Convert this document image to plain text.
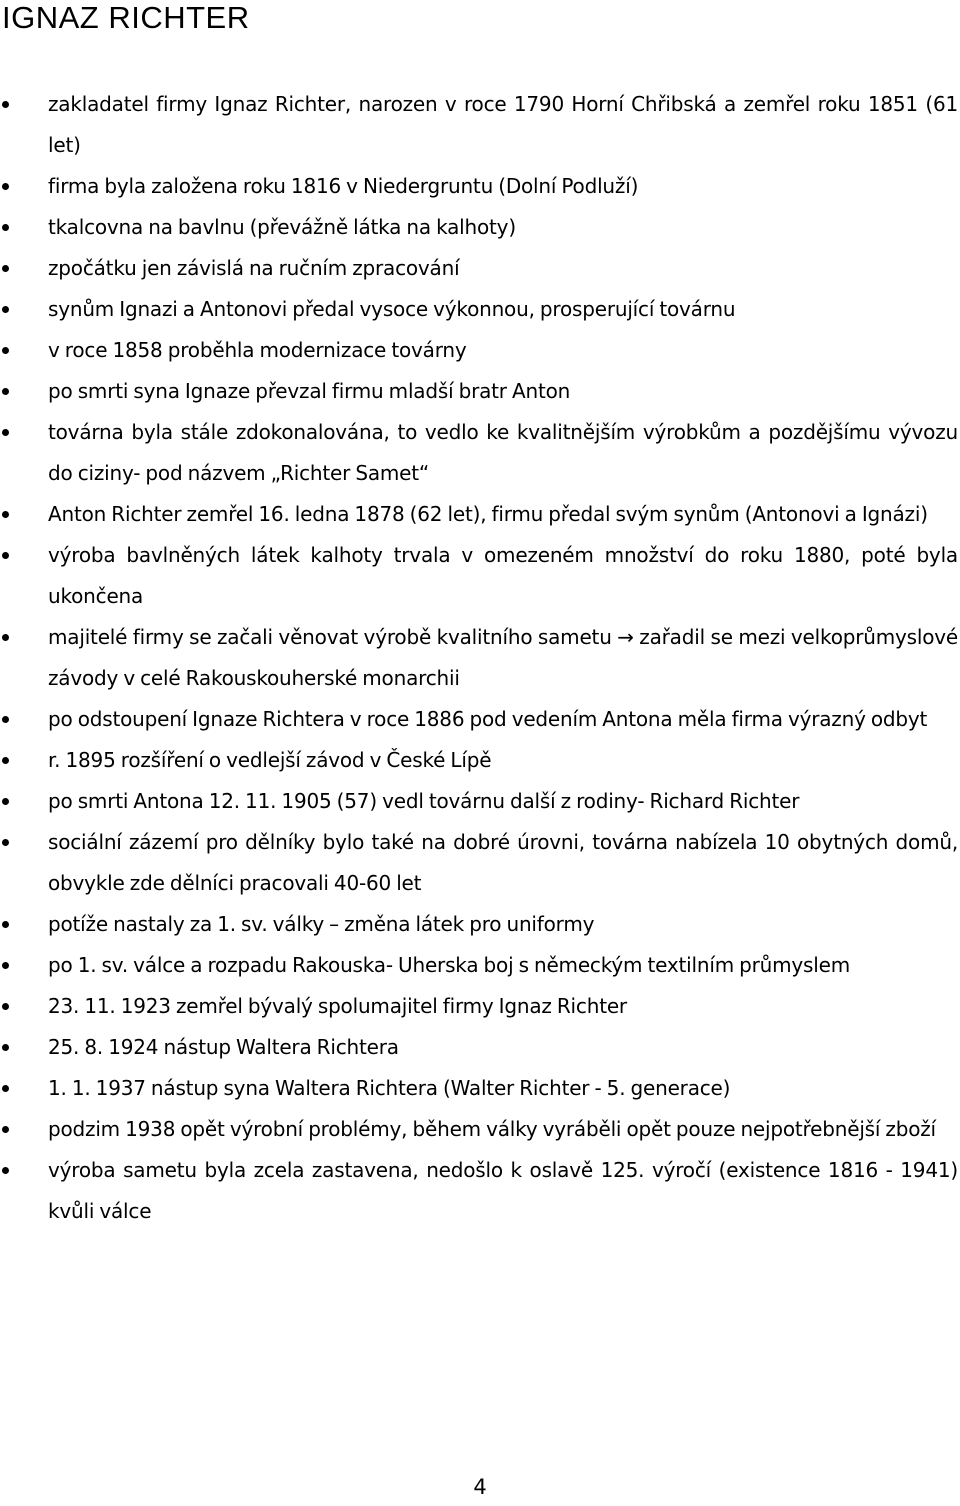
IGNAZ RICHTER
zakladatel firmy Ignaz Richter, narozen v roce 1790 Horní Chřibská a zemřel roku 1851 (61 let)
firma byla založena roku 1816 v Niedergruntu (Dolní Podluží)
tkalcovna na bavlnu (převážně látka na kalhoty)
zpočátku jen závislá na ručním zpracování
synům Ignazi a Antonovi předal vysoce výkonnou, prosperující továrnu
v roce 1858 proběhla modernizace továrny
po smrti syna Ignaze převzal firmu mladší bratr Anton
továrna byla stále zdokonalována, to vedlo ke kvalitnějším výrobkům a pozdějšímu vývozu do ciziny- pod názvem „Richter Samet“
Anton Richter zemřel 16. ledna 1878 (62 let), firmu předal svým synům (Antonovi a Ignázi)
výroba bavlněných látek kalhoty trvala v omezeném množství do roku 1880, poté byla ukončena
majitelé firmy se začali věnovat výrobě kvalitního sametu → zařadil se mezi velkoprůmyslové závody v celé Rakouskouherské monarchii
po odstoupení Ignaze Richtera v roce 1886 pod vedením Antona měla firma výrazný odbyt
r. 1895 rozšíření o vedlejší závod v České Lípě
po smrti Antona 12. 11. 1905 (57) vedl továrnu další z rodiny- Richard Richter
sociální zázemí pro dělníky bylo také na dobré úrovni, továrna nabízela 10 obytných domů, obvykle zde dělníci pracovali 40-60 let
potíže nastaly za 1. sv. války – změna látek pro uniformy
po 1. sv. válce a rozpadu Rakouska- Uherska boj s německým textilním průmyslem
23. 11. 1923 zemřel bývalý spolumajitel firmy Ignaz Richter
25. 8. 1924 nástup Waltera Richtera
1. 1. 1937 nástup syna Waltera Richtera (Walter Richter - 5. generace)
podzim 1938 opět výrobní problémy, během války vyráběli opět pouze nejpotřebnější zboží
výroba sametu byla zcela zastavena, nedošlo k oslavě 125. výročí (existence 1816 - 1941) kvůli válce
4
